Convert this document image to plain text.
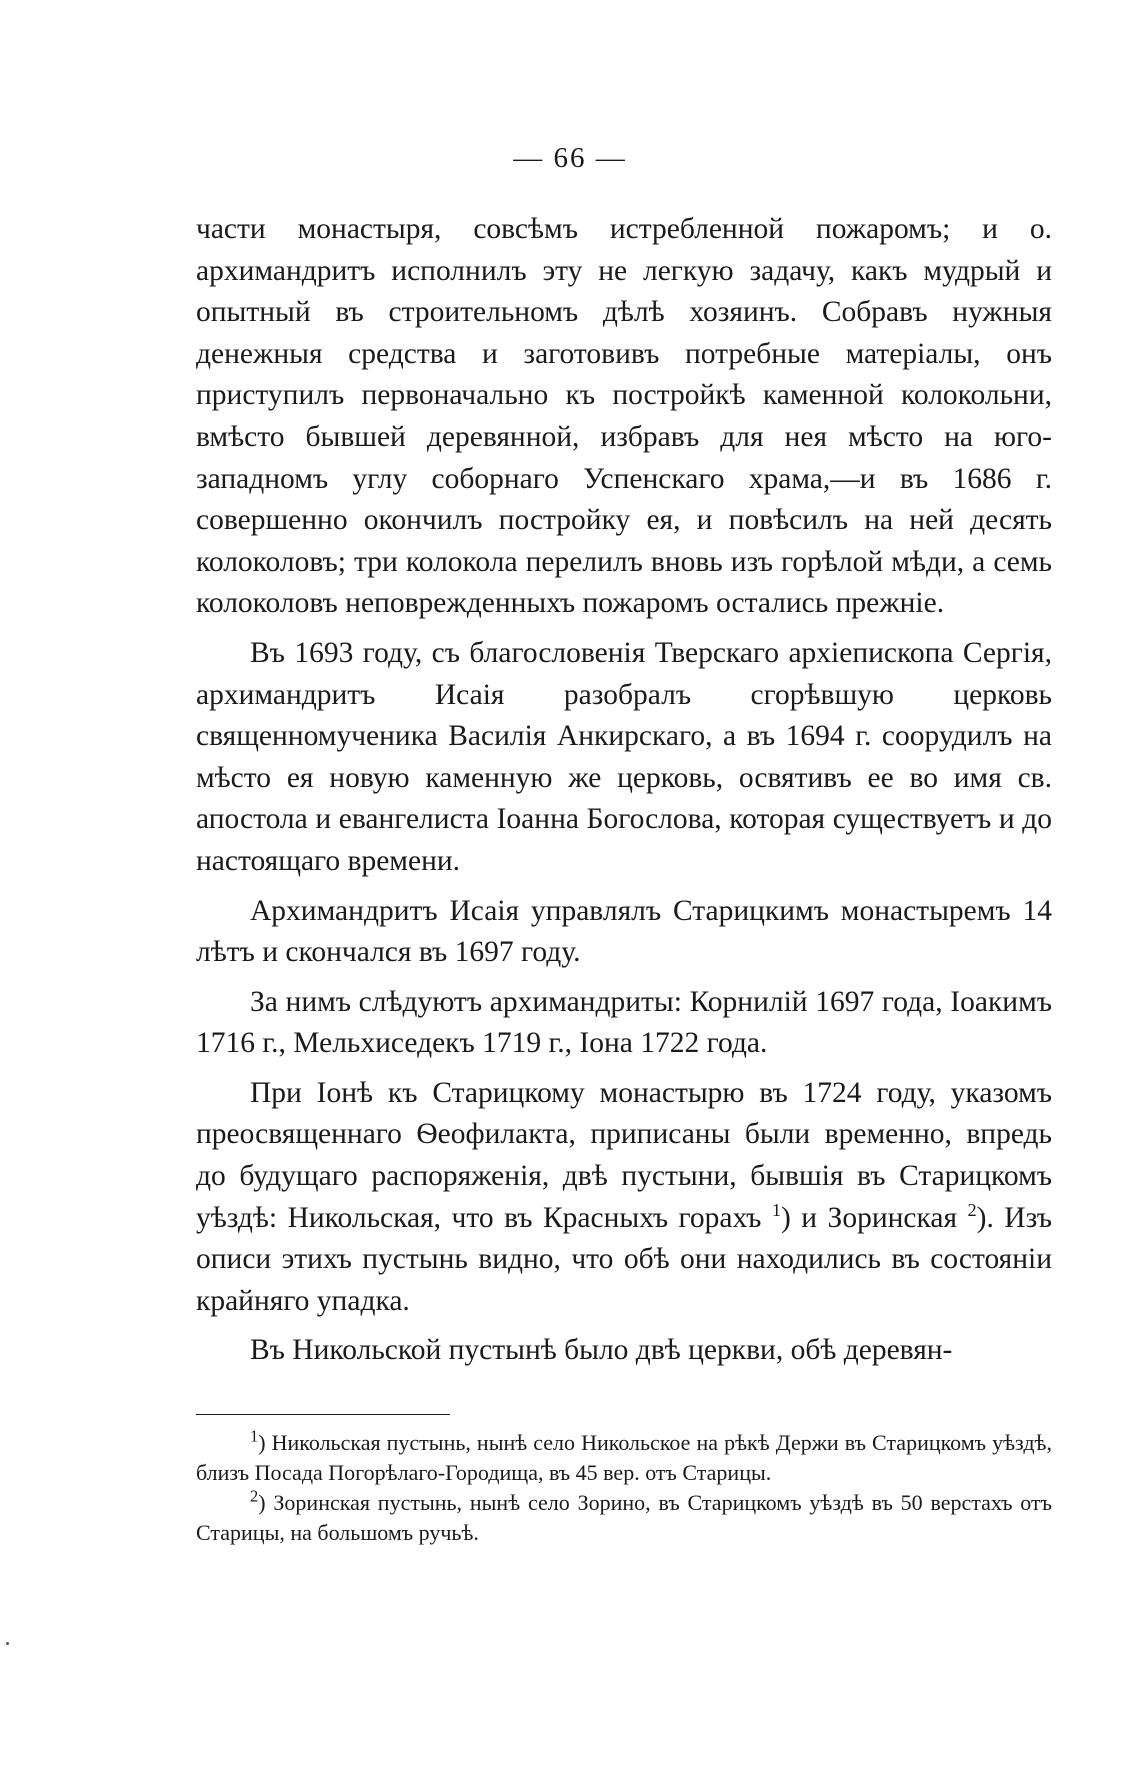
— 66 —

части монастыря, совсѣмъ истребленной пожаромъ; и о. архимандритъ исполнилъ эту не легкую задачу, какъ мудрый и опытный въ строительномъ дѣлѣ хозяинъ. Собравъ нужныя денежныя средства и заготовивъ потребные матеріалы, онъ приступилъ первоначально къ постройкѣ каменной колокольни, вмѣсто бывшей деревянной, избравъ для нея мѣсто на юго-западномъ углу соборнаго Успенскаго храма,—и въ 1686 г. совершенно окончилъ постройку ея, и повѣсилъ на ней десять колоколовъ; три колокола перелилъ вновь изъ горѣлой мѣди, а семь колоколовъ неповрежденныхъ пожаромъ остались прежніе.

Въ 1693 году, съ благословенія Тверскаго архіепископа Сергія, архимандритъ Исаія разобралъ сгорѣвшую церковь священномученика Василія Анкирскаго, а въ 1694 г. соорудилъ на мѣсто ея новую каменную же церковь, освятивъ ее во имя св. апостола и евангелиста Іоанна Богослова, которая существуетъ и до настоящаго времени.

Архимандритъ Исаія управлялъ Старицкимъ монастыремъ 14 лѣтъ и скончался въ 1697 году.

За нимъ слѣдуютъ архимандриты: Корнилій 1697 года, Іоакимъ 1716 г., Мельхиседекъ 1719 г., Іона 1722 года.

При Іонѣ къ Старицкому монастырю въ 1724 году, указомъ преосвященнаго Ѳеофилакта, приписаны были временно, впредь до будущаго распоряженія, двѣ пустыни, бывшія въ Старицкомъ уѣздѣ: Никольская, что въ Красныхъ горахъ $^1$) и Зоринская $^2$). Изъ описи этихъ пустынь видно, что обѣ они находились въ состояніи крайняго упадка.

Въ Никольской пустынѣ было двѣ церкви, обѣ деревян-

$^1$) Никольская пустынь, нынѣ село Никольское на рѣкѣ Держи въ Старицкомъ уѣздѣ, близъ Посада Погорѣлаго-Городища, въ 45 вер. отъ Старицы.

$^2$) Зоринская пустынь, нынѣ село Зорино, въ Старицкомъ уѣздѣ въ 50 верстахъ отъ Старицы, на большомъ ручьѣ.
